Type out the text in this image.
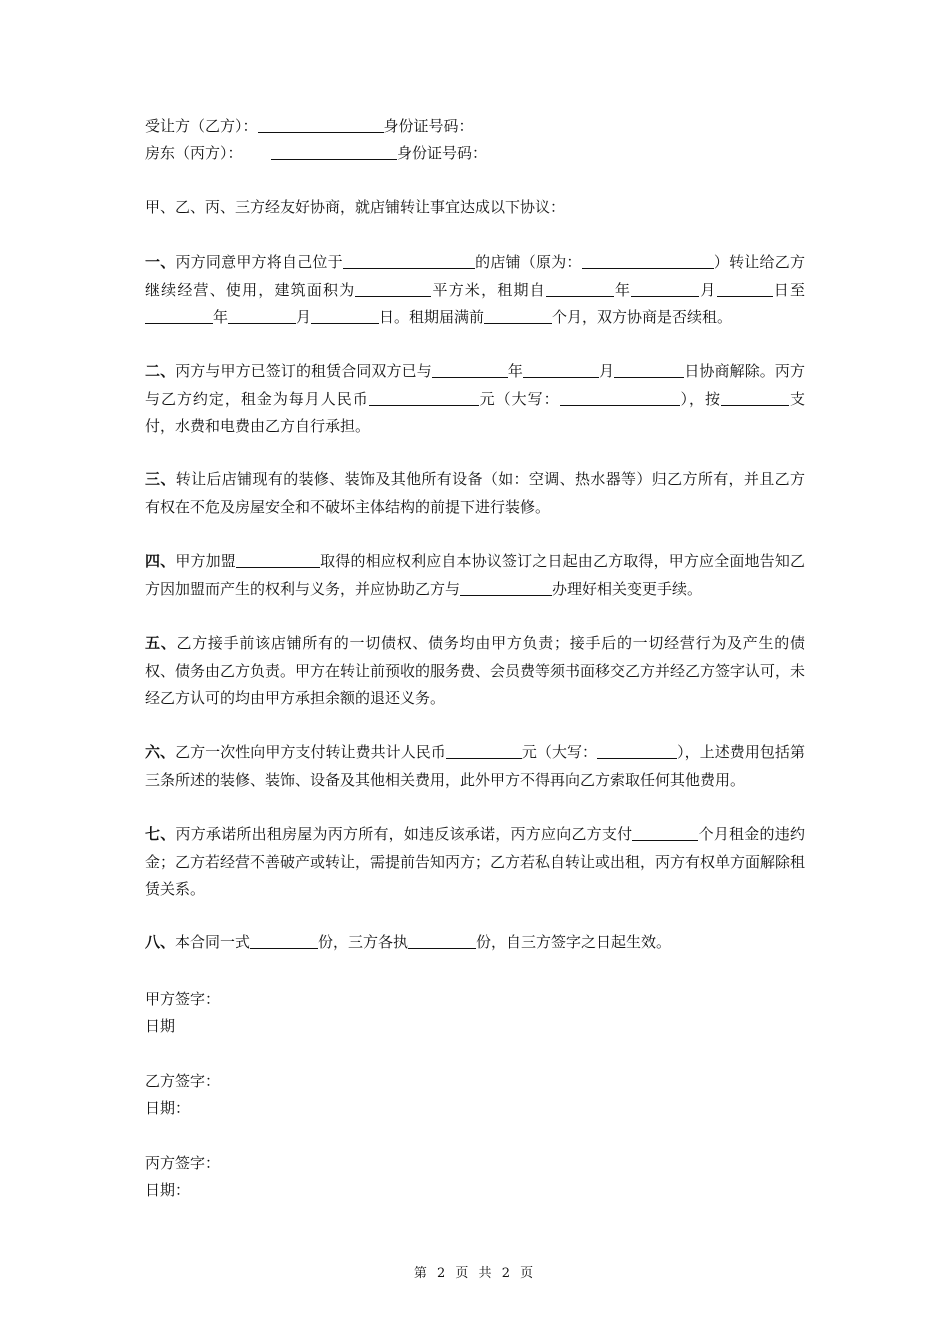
受让方（乙方）：	身份证号码：
房东（丙方）：	身份证号码：
甲、乙、丙、三方经友好协商，就店铺转让事宜达成以下协议：
一、丙方同意甲方将自己位于	的店铺（原为：	）转让给乙方继续经营、使用，建筑面积为	平方米，租期自	年	月	日至年	月	日。租期届满前	个月，双方协商是否续租。
二、丙方与甲方已签订的租赁合同双方已与	年	月	日协商解除。丙方与乙方约定，租金为每月人民币	元（大写：	），按	支付，水费和电费由乙方自行承担。
三、转让后店铺现有的装修、装饰及其他所有设备（如：空调、热水器等）归乙方所有，并且乙方有权在不危及房屋安全和不破坏主体结构的前提下进行装修。
四、甲方加盟	取得的相应权利应自本协议签订之日起由乙方取得，甲方应全面地告知乙方因加盟而产生的权利与义务，并应协助乙方与	办理好相关变更手续。
五、乙方接手前该店铺所有的一切债权、债务均由甲方负责；接手后的一切经营行为及产生的债权、债务由乙方负责。甲方在转让前预收的服务费、会员费等须书面移交乙方并经乙方签字认可，未经乙方认可的均由甲方承担余额的退还义务。
六、乙方一次性向甲方支付转让费共计人民币	元（大写：	），上述费用包括第三条所述的装修、装饰、设备及其他相关费用，此外甲方不得再向乙方索取任何其他费用。
七、丙方承诺所出租房屋为丙方所有，如违反该承诺，丙方应向乙方支付	个月租金的违约金；乙方若经营不善破产或转让，需提前告知丙方；乙方若私自转让或出租，丙方有权单方面解除租赁关系。
八、本合同一式	份，三方各执	份，自三方签字之日起生效。
甲方签字：
日期
乙方签字：
日期：
丙方签字：
日期：
第 2 页 共 2 页
